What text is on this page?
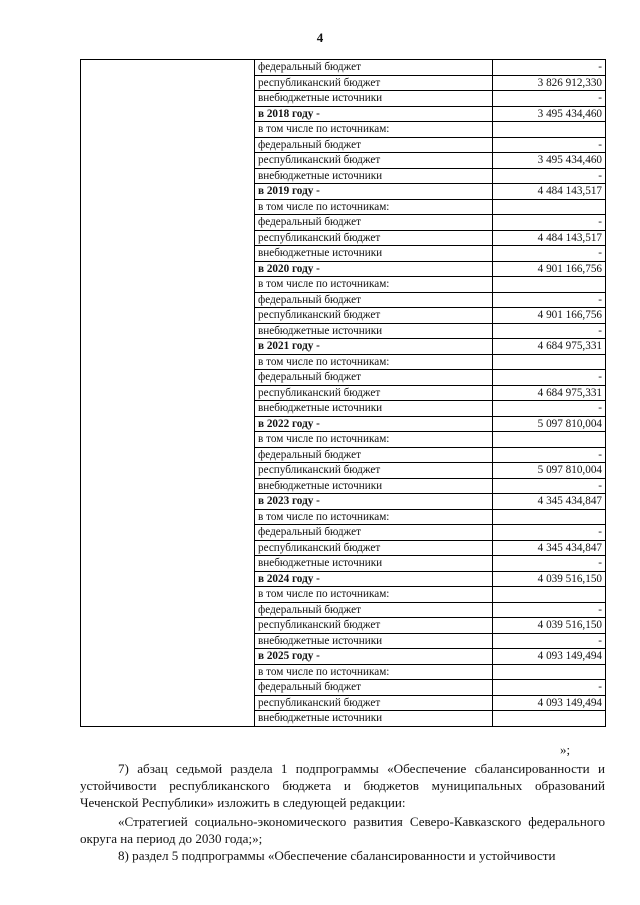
4
	федеральный бюджет	-
	республиканский бюджет	3 826 912,330
	внебюджетные источники	-
	в 2018 году -	3 495 434,460
	в том числе по источникам:	
	федеральный бюджет	-
	республиканский бюджет	3 495 434,460
	внебюджетные источники	-
	в 2019 году -	4 484 143,517
	в том числе по источникам:	
	федеральный бюджет	-
	республиканский бюджет	4 484 143,517
	внебюджетные источники	-
	в 2020 году -	4 901 166,756
	в том числе по источникам:	
	федеральный бюджет	-
	республиканский бюджет	4 901 166,756
	внебюджетные источники	-
	в 2021 году -	4 684 975,331
	в том числе по источникам:	
	федеральный бюджет	-
	республиканский бюджет	4 684 975,331
	внебюджетные источники	-
	в 2022 году -	5 097 810,004
	в том числе по источникам:	
	федеральный бюджет	-
	республиканский бюджет	5 097 810,004
	внебюджетные источники	-
	в 2023 году -	4 345 434,847
	в том числе по источникам:	
	федеральный бюджет	-
	республиканский бюджет	4 345 434,847
	внебюджетные источники	-
	в 2024 году -	4 039 516,150
	в том числе по источникам:	
	федеральный бюджет	-
	республиканский бюджет	4 039 516,150
	внебюджетные источники	-
	в 2025 году -	4 093 149,494
	в том числе по источникам:	
	федеральный бюджет	-
	республиканский бюджет	4 093 149,494
	внебюджетные источники	
»;
7) абзац седьмой раздела 1 подпрограммы «Обеспечение сбалансированности и устойчивости республиканского бюджета и бюджетов муниципальных образований Чеченской Республики» изложить в следующей редакции:
«Стратегией социально-экономического развития Северо-Кавказского федерального округа на период до 2030 года;»;
8) раздел 5 подпрограммы «Обеспечение сбалансированности и устойчивости
